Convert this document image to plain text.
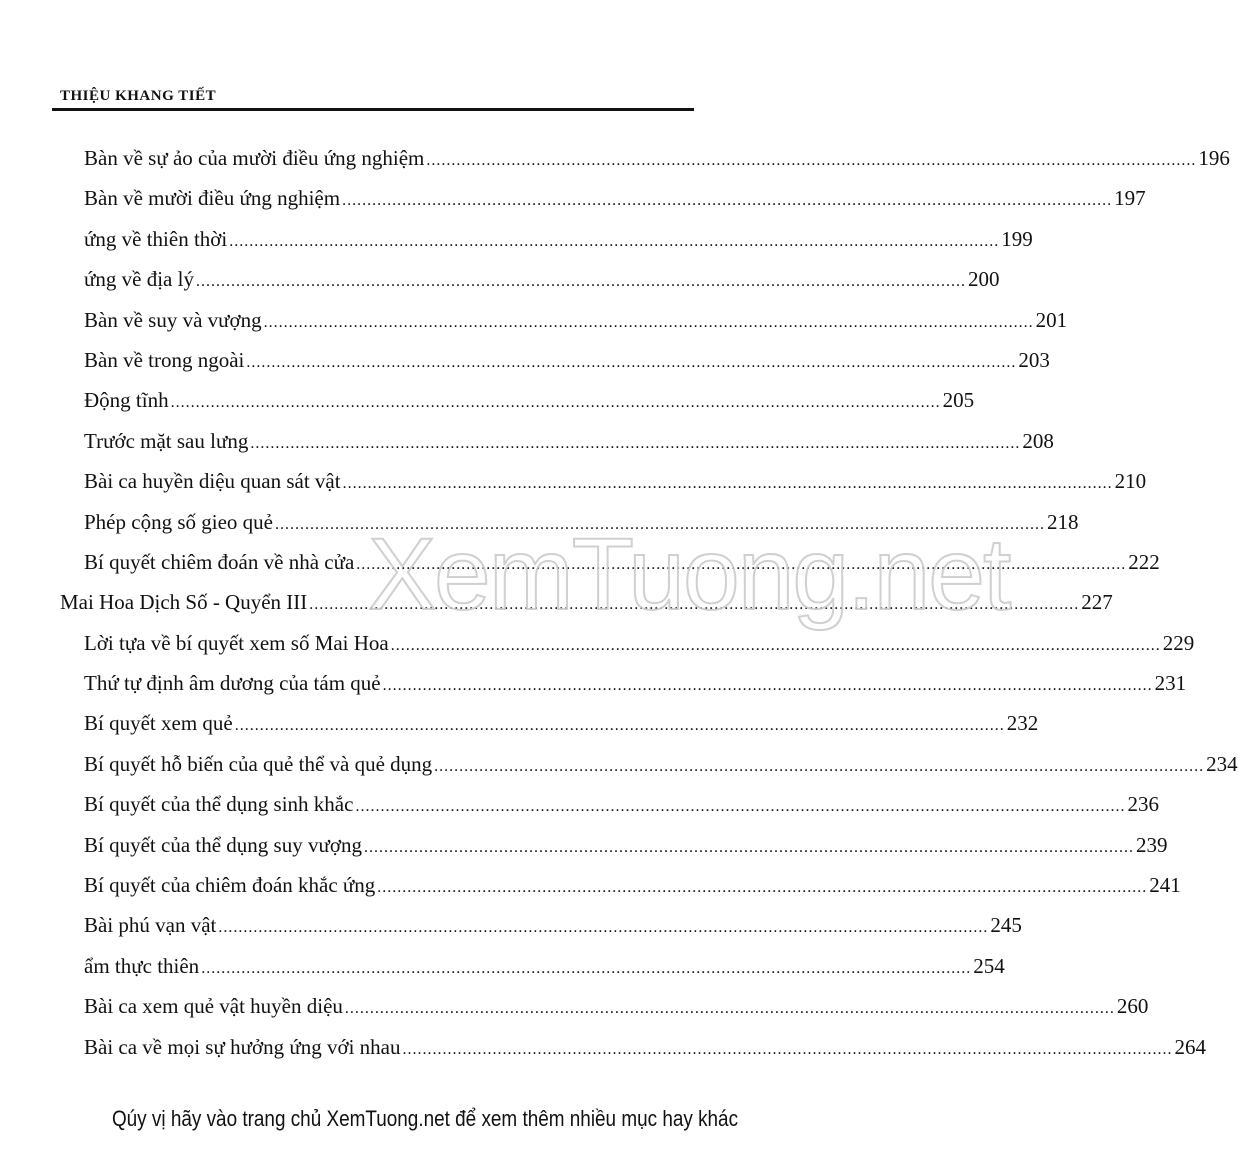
THIỆU KHANG TIẾT
Bàn về sự ảo của mười điều ứng nghiệm .....	196
Bàn về mười điều ứng nghiệm .....	197
ứng về thiên thời .....	199
ứng về địa lý .....	200
Bàn về suy và vượng .....	201
Bàn về trong ngoài .....	203
Động tĩnh .....	205
Trước mặt sau lưng .....	208
Bài ca huyền diệu quan sát vật .....	210
Phép cộng số gieo quẻ .....	218
Bí quyết chiêm đoán về nhà cửa .....	222
Mai Hoa Dịch Số - Quyển III .....	227
Lời tựa về bí quyết xem số Mai Hoa .....	229
Thứ tự định âm dương của tám quẻ .....	231
Bí quyết xem quẻ .....	232
Bí quyết hỗ biến của quẻ thể và quẻ dụng .....	234
Bí quyết của thể dụng sinh khắc .....	236
Bí quyết của thể dụng suy vượng .....	239
Bí quyết của chiêm đoán khắc ứng .....	241
Bài phú vạn vật .....	245
ẩm thực thiên .....	254
Bài ca xem quẻ vật huyền diệu .....	260
Bài ca về mọi sự hưởng ứng với nhau .....	264
XemTuong.net
Qúy vị hãy vào trang chủ XemTuong.net để xem thêm nhiều mục hay khác
